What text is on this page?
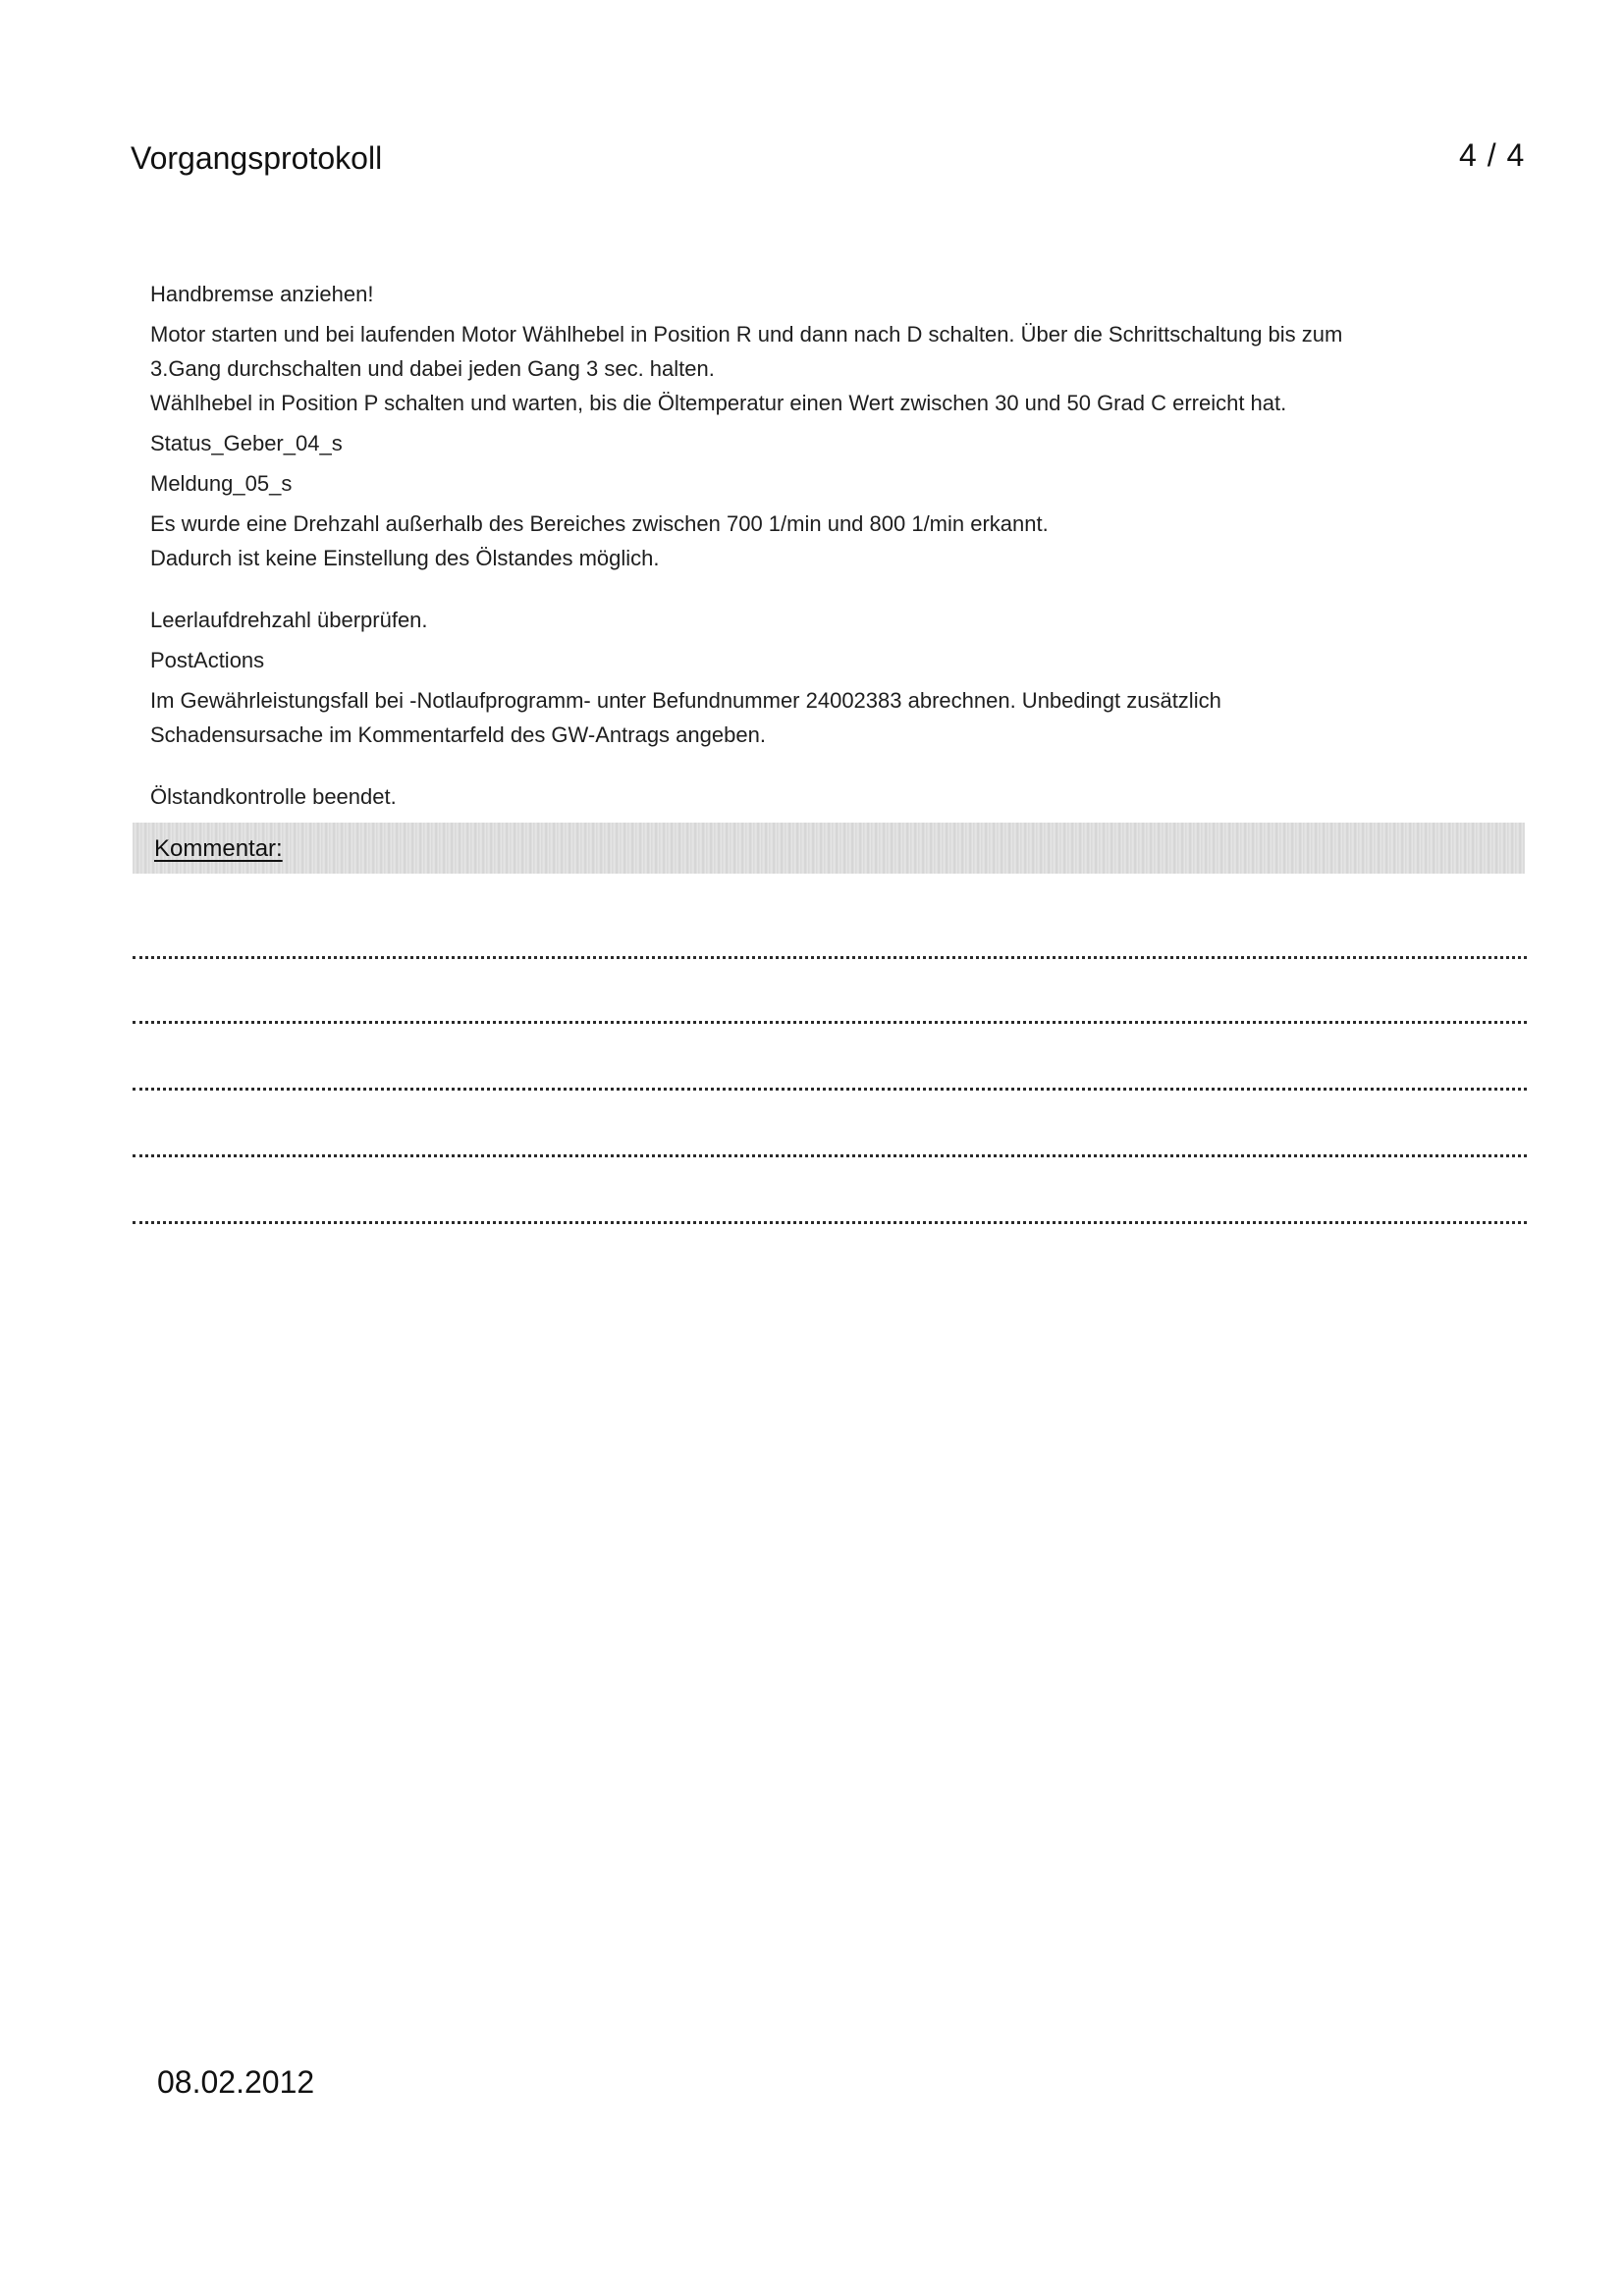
Vorgangsprotokoll	4 / 4

Handbremse anziehen!

Motor starten und bei laufenden Motor Wählhebel in Position R und dann nach D schalten. Über die Schrittschaltung bis zum

3.Gang durchschalten und dabei jeden Gang 3 sec. halten.

Wählhebel in Position P schalten und warten, bis die Öltemperatur einen Wert zwischen 30 und 50 Grad C erreicht hat.

Status_Geber_04_s

Meldung_05_s

Es wurde eine Drehzahl außerhalb des Bereiches zwischen 700 1/min und 800 1/min erkannt.

Dadurch ist keine Einstellung des Ölstandes möglich.

Leerlaufdrehzahl überprüfen.

PostActions

Im Gewährleistungsfall bei -Notlaufprogramm- unter Befundnummer 24002383 abrechnen. Unbedingt zusätzlich

Schadensursache im Kommentarfeld des GW-Antrags angeben.

Ölstandkontrolle beendet.

Kommentar:
08.02.2012
